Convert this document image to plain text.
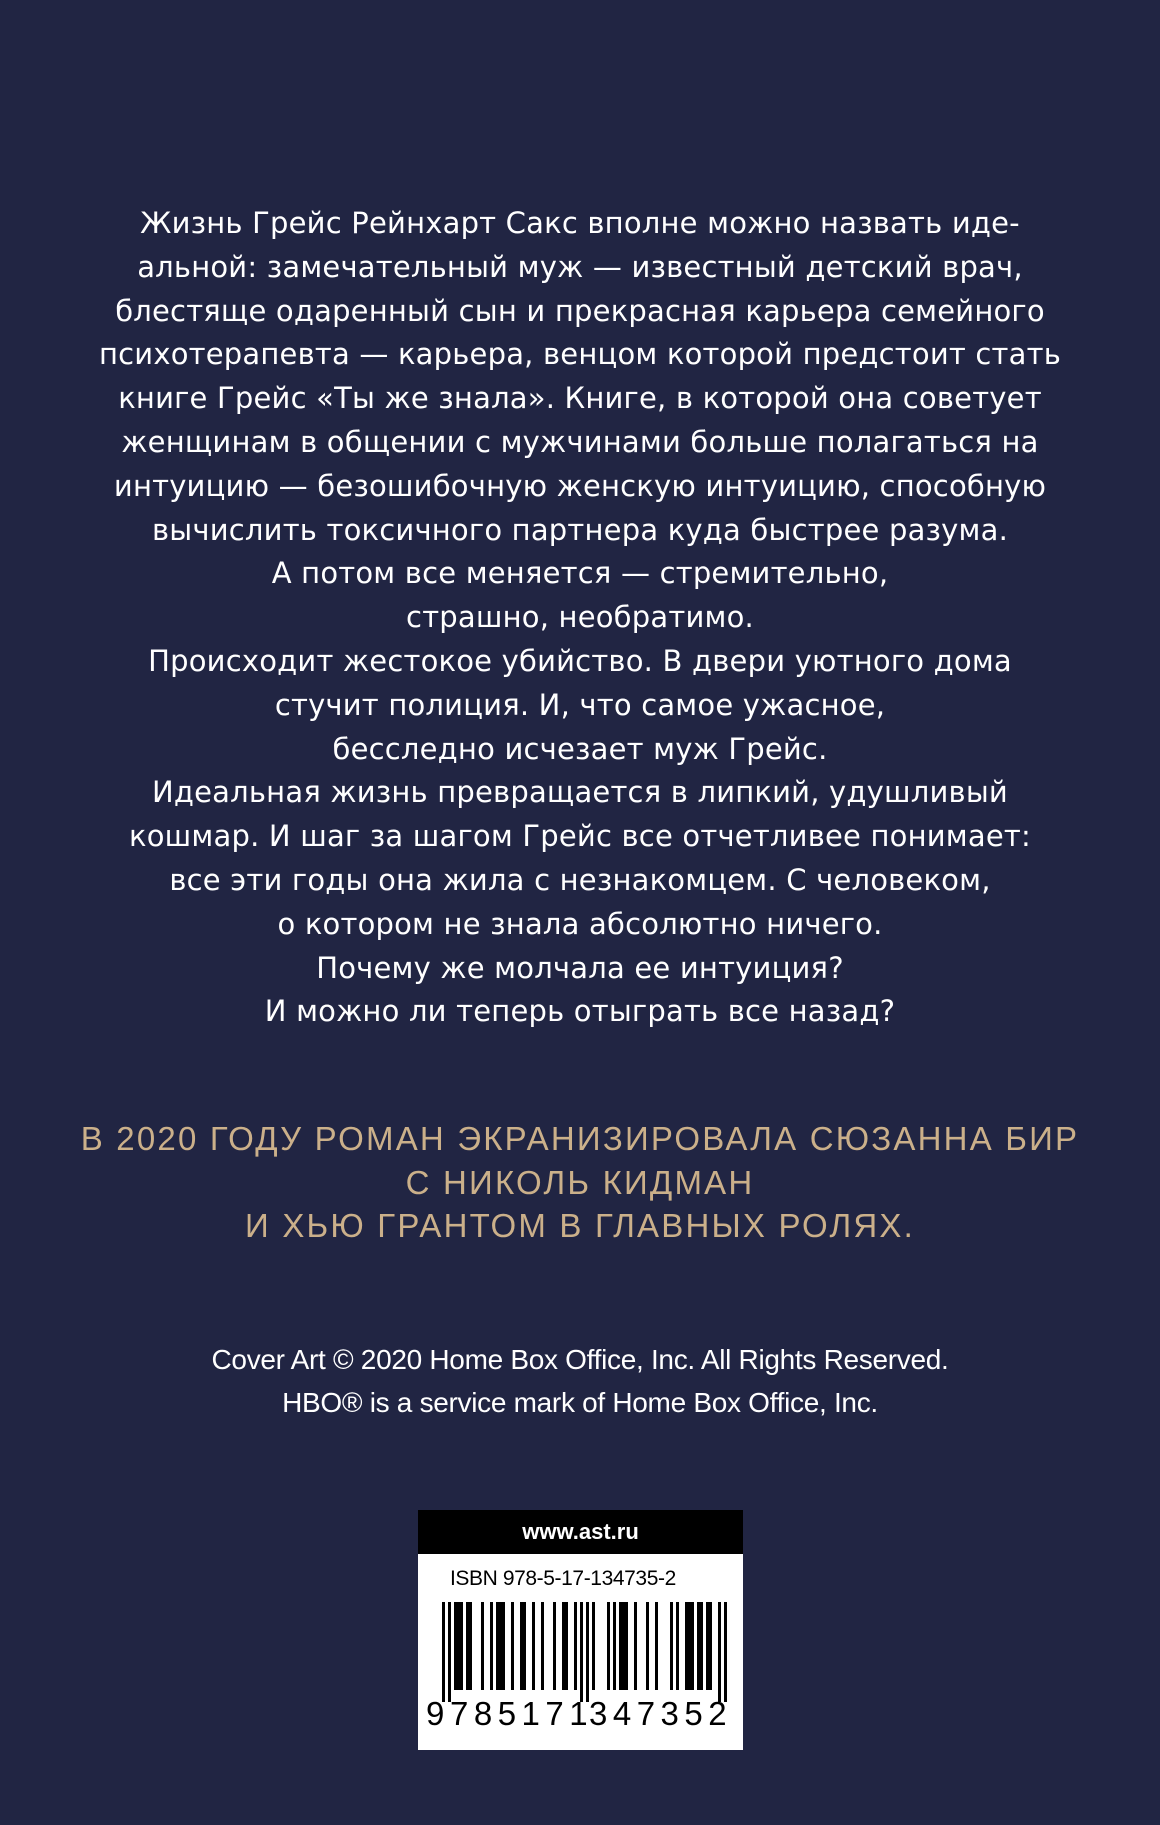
Жизнь Грейс Рейнхарт Сакс вполне можно назвать иде-
альной: замечательный муж — известный детский врач,
блестяще одаренный сын и прекрасная карьера семейного
психотерапевта — карьера, венцом которой предстоит стать
книге Грейс «Ты же знала». Книге, в которой она советует
женщинам в общении с мужчинами больше полагаться на
интуицию — безошибочную женскую интуицию, способную
вычислить токсичного партнера куда быстрее разума.
А потом все меняется — стремительно,
страшно, необратимо.
Происходит жестокое убийство. В двери уютного дома
стучит полиция. И, что самое ужасное,
бесследно исчезает муж Грейс.
Идеальная жизнь превращается в липкий, удушливый
кошмар. И шаг за шагом Грейс все отчетливее понимает:
все эти годы она жила с незнакомцем. С человеком,
о котором не знала абсолютно ничего.
Почему же молчала ее интуиция?
И можно ли теперь отыграть все назад?
В 2020 ГОДУ РОМАН ЭКРАНИЗИРОВАЛА СЮЗАННА БИР
С НИКОЛЬ КИДМАН
И ХЬЮ ГРАНТОМ В ГЛАВНЫХ РОЛЯХ.
Cover Art © 2020 Home Box Office, Inc. All Rights Reserved.
HBO® is a service mark of Home Box Office, Inc.
www.ast.ru
ISBN 978-5-17-134735-2
9 785171
347352
